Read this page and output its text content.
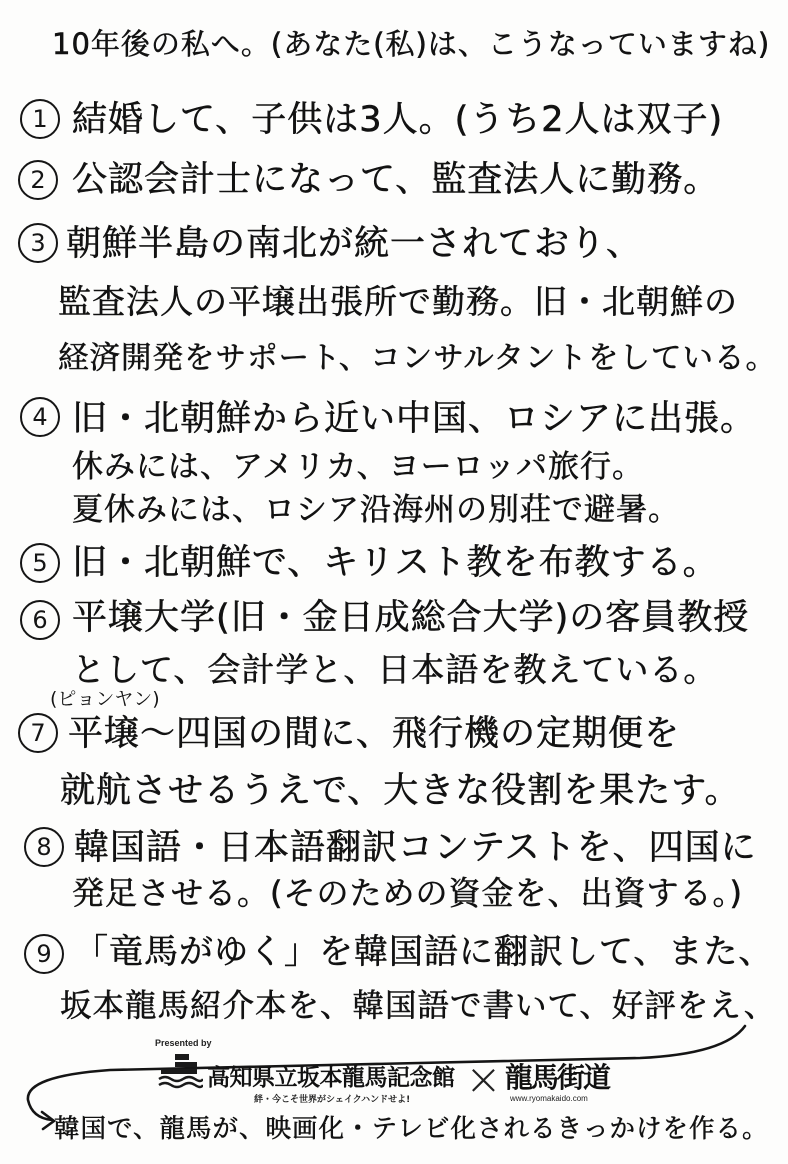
10年後の私へ。(あなた(私)は、こうなっていますね)
1 結婚して、子供は3人。(うち2人は双子)
2 公認会計士になって、監査法人に勤務。
3 朝鮮半島の南北が統一されており、
監査法人の平壌出張所で勤務。旧・北朝鮮の
経済開発をサポート、コンサルタントをしている。
4 旧・北朝鮮から近い中国、ロシアに出張。
休みには、アメリカ、ヨーロッパ旅行。
夏休みには、ロシア沿海州の別荘で避暑。
5 旧・北朝鮮で、キリスト教を布教する。
6 平壌大学(旧・金日成総合大学)の客員教授
として、会計学と、日本語を教えている。
(ピョンヤン)
7 平壌〜四国の間に、飛行機の定期便を
就航させるうえで、大きな役割を果たす。
8 韓国語・日本語翻訳コンテストを、四国に
発足させる。(そのための資金を、出資する。)
9 「竜馬がゆく」を韓国語に翻訳して、また、
坂本龍馬紹介本を、韓国語で書いて、好評をえ、
Presented by
高知県立坂本龍馬記念館
絆・今こそ世界がシェイクハンドせよ! × 龍馬街道
www.ryomakaido.com
韓国で、龍馬が、映画化・テレビ化されるきっかけを作る。
